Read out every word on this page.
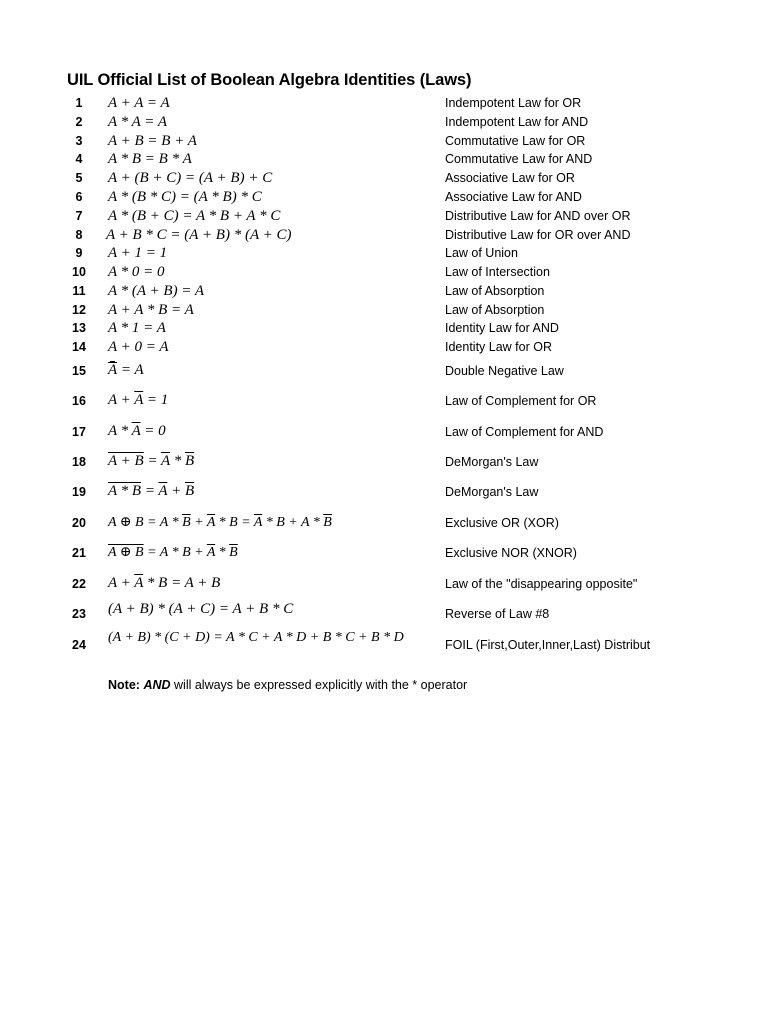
UIL Official List of Boolean Algebra Identities (Laws)
1	A + A = A	Indempotent Law for OR
2	A * A = A	Indempotent Law for AND
3	A + B = B + A	Commutative Law for OR
4	A * B = B * A	Commutative Law for AND
5	A + (B + C) = (A + B) + C	Associative Law for OR
6	A * (B * C) = (A * B) * C	Associative Law for AND
7	A * (B + C) = A * B + A * C	Distributive Law for AND over OR
8	A + B * C = (A + B) * (A + C)	Distributive Law for OR over AND
9	A + 1 = 1	Law of Union
10	A * 0 = 0	Law of Intersection
11	A * (A + B) = A	Law of Absorption
12	A + A * B = A	Law of Absorption
13	A * 1 = A	Identity Law for AND
14	A + 0 = A	Identity Law for OR
15	A = A	Double Negative Law
16	$A + \overline{A} = 1$	Law of Complement for OR
17	$A * \overline{A} = 0$	Law of Complement for AND
18	$A + B = \overline{A} * \overline{B}$	DeMorgan's Law
19	$A * B = \overline{A} + \overline{B}$	DeMorgan's Law
20	A ⊕ $B = A * \overline{B} + \overline{A} * B = \overline{A} * B + A * \overline{B}$	Exclusive OR (XOR)
21	A ⊕ $B = A * B + \overline{A} * \overline{B}$	Exclusive NOR (XNOR)
22	$A + \overline{A} * B = A + B$	Law of the "disappearing opposite"
23	(A + B) * (A + C) = A + B * C	Reverse of Law #8
24	(A + B) * (C + D) = A * C + A * D + B * C + B * D	FOIL (First,Outer,Inner,Last) Distribut
Note: AND will always be expressed explicitly with the * operator
